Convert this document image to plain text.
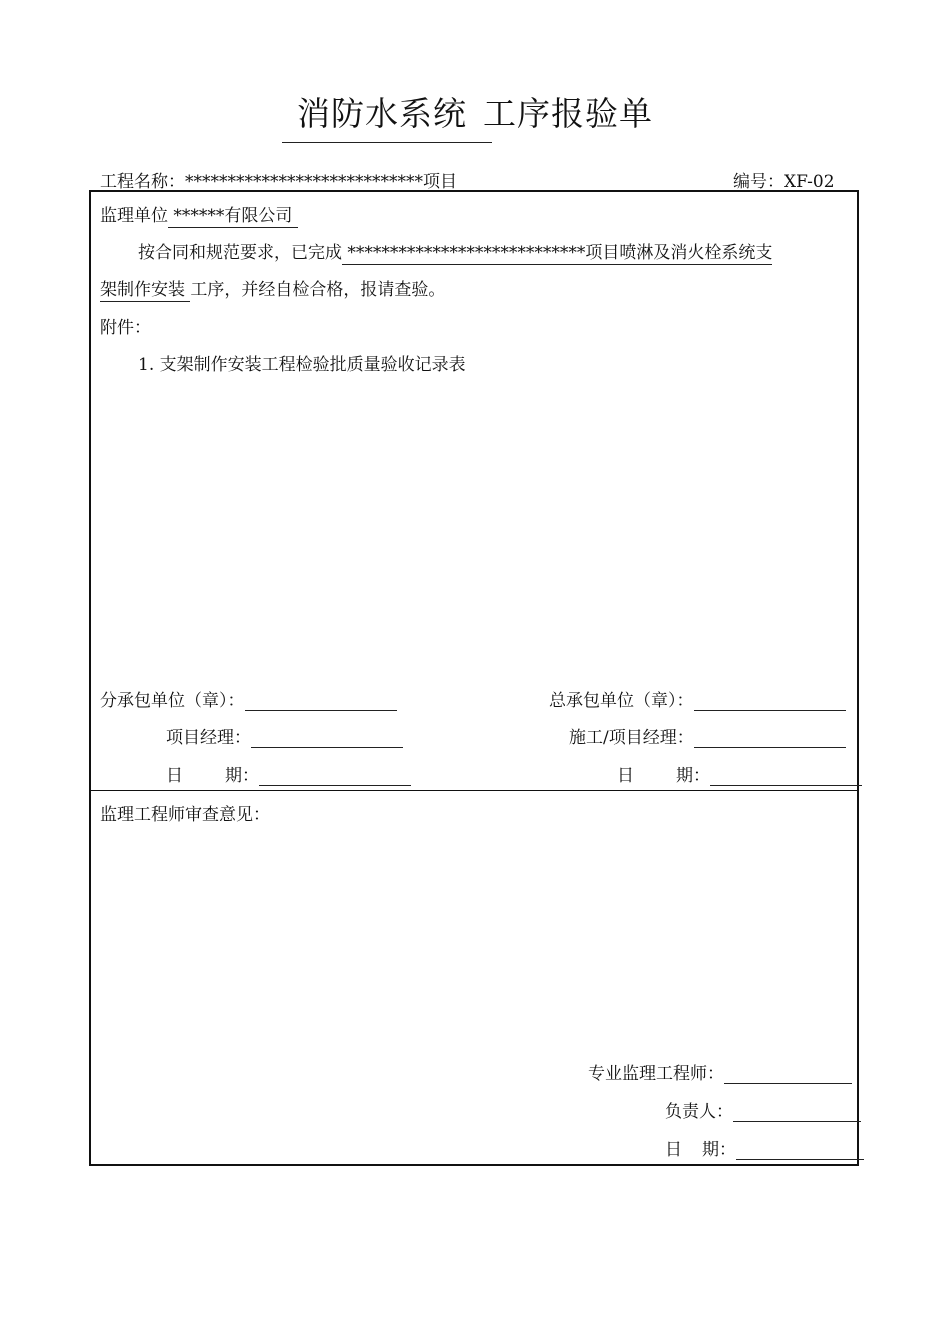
消防水系统 工序报验单
工程名称：****************************项目	编号：XF-02
监理单位 ******有限公司
按合同和规范要求，已完成 ****************************项目喷淋及消火栓系统支
架制作安装 工序，并经自检合格，报请查验。
附件：
1. 支架制作安装工程检验批质量验收记录表
分承包单位（章）：
项目经理：
日 期：
总承包单位（章）：
施工/项目经理：
日 期：
监理工程师审查意见：
专业监理工程师：
负责人：
日 期：
